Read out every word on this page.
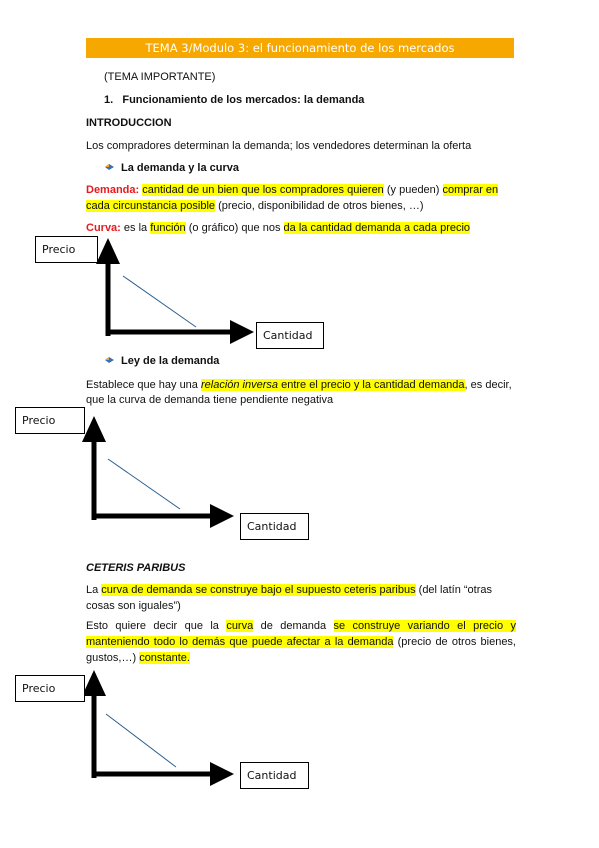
TEMA 3/Modulo 3: el funcionamiento de los mercados
(TEMA IMPORTANTE)
1. Funcionamiento de los mercados: la demanda
INTRODUCCION
Los compradores determinan la demanda; los vendedores determinan la oferta
La demanda y la curva
Demanda: cantidad de un bien que los compradores quieren (y pueden) comprar en cada circunstancia posible (precio, disponibilidad de otros bienes, …)
Curva: es la función (o gráfico) que nos da la cantidad demanda a cada precio
Precio
Cantidad
Ley de la demanda
Establece que hay una relación inversa entre el precio y la cantidad demanda, es decir,
que la curva de demanda tiene pendiente negativa
Precio
Cantidad
CETERIS PARIBUS
La curva de demanda se construye bajo el supuesto ceteris paribus (del latín “otras cosas son iguales”)
Esto quiere decir que la curva de demanda se construye variando el precio y manteniendo todo lo demás que puede afectar a la demanda (precio de otros bienes, gustos,…) constante.
Precio
Cantidad
